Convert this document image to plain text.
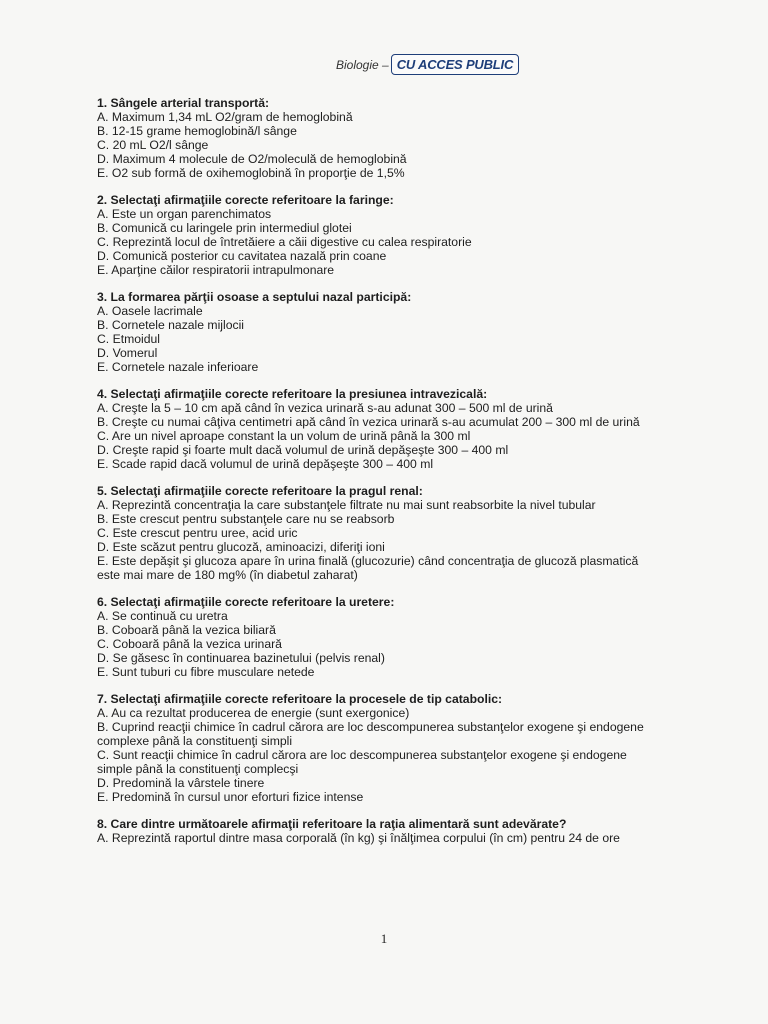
Biologie – CU ACCES PUBLIC
1. Sângele arterial transportă:
A. Maximum 1,34 mL O2/gram de hemoglobină
B. 12-15 grame hemoglobină/l sânge
C. 20 mL O2/l sânge
D. Maximum 4 molecule de O2/moleculă de hemoglobină
E. O2 sub formă de oxihemoglobină în proporţie de 1,5%
2. Selectaţi afirmaţiile corecte referitoare la faringe:
A. Este un organ parenchimatos
B. Comunică cu laringele prin intermediul glotei
C. Reprezintă locul de întretăiere a căii digestive cu calea respiratorie
D. Comunică posterior cu cavitatea nazală prin coane
E. Aparţine căilor respiratorii intrapulmonare
3. La formarea părţii osoase a septului nazal participă:
A. Oasele lacrimale
B. Cornetele nazale mijlocii
C. Etmoidul
D. Vomerul
E. Cornetele nazale inferioare
4. Selectaţi afirmaţiile corecte referitoare la presiunea intravezicală:
A. Creşte la 5 – 10 cm apă când în vezica urinară s-au adunat 300 – 500 ml de urină
B. Creşte cu numai câţiva centimetri apă când în vezica urinară s-au acumulat 200 – 300 ml de urină
C. Are un nivel aproape constant la un volum de urină până la 300 ml
D. Creşte rapid şi foarte mult dacă volumul de urină depăşeşte 300 – 400 ml
E. Scade rapid dacă volumul de urină depăşeşte 300 – 400 ml
5. Selectaţi afirmaţiile corecte referitoare la pragul renal:
A. Reprezintă concentraţia la care substanţele filtrate nu mai sunt reabsorbite la nivel tubular
B. Este crescut pentru substanţele care nu se reabsorb
C. Este crescut pentru uree, acid uric
D. Este scăzut pentru glucoză, aminoacizi, diferiţi ioni
E. Este depăşit şi glucoza apare în urina finală (glucozurie) când concentraţia de glucoză plasmatică este mai mare de 180 mg% (în diabetul zaharat)
6. Selectaţi afirmaţiile corecte referitoare la uretere:
A. Se continuă cu uretra
B. Coboară până la vezica biliară
C. Coboară până la vezica urinară
D. Se găsesc în continuarea bazinetului (pelvis renal)
E. Sunt tuburi cu fibre musculare netede
7. Selectaţi afirmaţiile corecte referitoare la procesele de tip catabolic:
A. Au ca rezultat producerea de energie (sunt exergonice)
B. Cuprind reacţii chimice în cadrul cărora are loc descompunerea substanţelor exogene şi endogene complexe până la constituenţi simpli
C. Sunt reacţii chimice în cadrul cărora are loc descompunerea substanţelor exogene şi endogene simple până la constituenţi complecşi
D. Predomină la vârstele tinere
E. Predomină în cursul unor eforturi fizice intense
8. Care dintre următoarele afirmaţii referitoare la raţia alimentară sunt adevărate?
A. Reprezintă raportul dintre masa corporală (în kg) şi înălţimea corpului (în cm) pentru 24 de ore
1
